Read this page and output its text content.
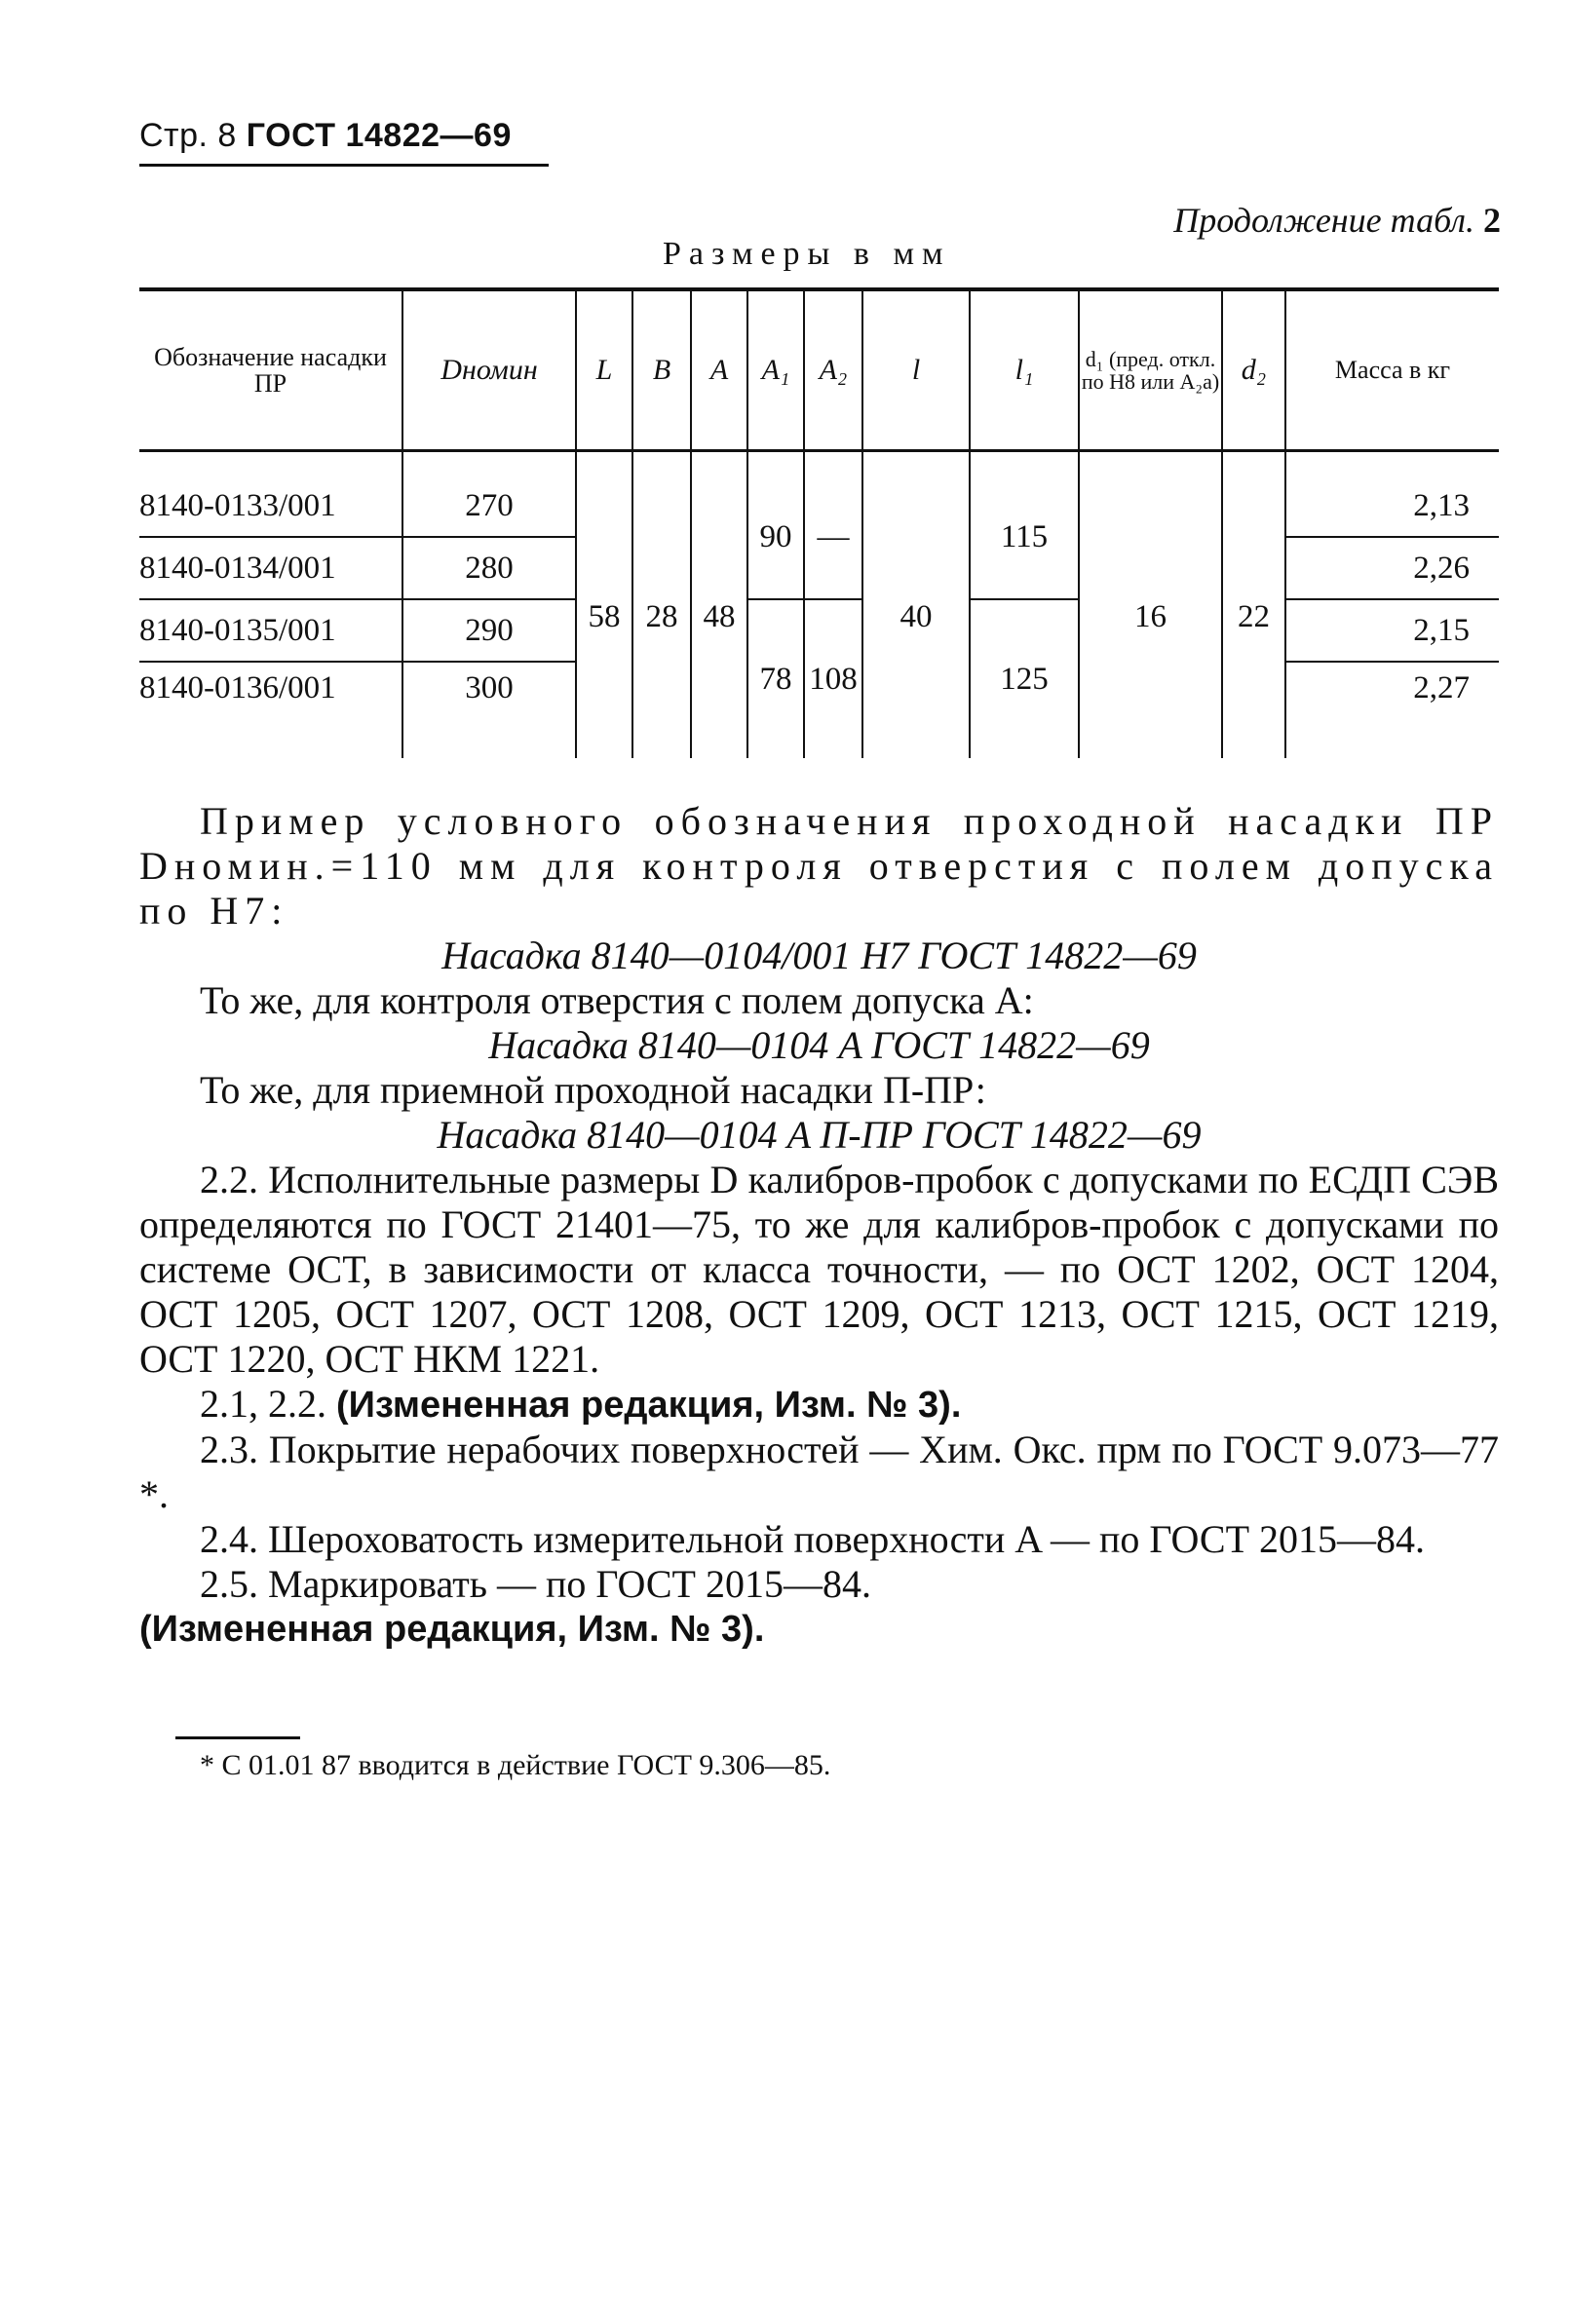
Стр. 8 ГОСТ 14822—69
Продолжение табл. 2
Размеры в мм
Обозначение насадки ПР	Dномин	L	B	A	A₁	A₂	l	l₁	d₁ (пред. откл. по H8 или A₂a)	d₂	Масса в кг
8140-0133/001	270	58	28	48	90	—	40	115	16	22	2,13
8140-0134/001	280										2,26
8140-0135/001	290				78	108		125			2,15
8140-0136/001	300										2,27

Пример условного обозначения проходной насадки ПР Dномин.=110 мм для контроля отверстия с полем допуска по H7:

Насадка 8140—0104/001 H7 ГОСТ 14822—69

То же, для контроля отверстия с полем допуска A:

Насадка 8140—0104 A ГОСТ 14822—69

То же, для приемной проходной насадки П-ПР:

Насадка 8140—0104 A П-ПР ГОСТ 14822—69

2.2. Исполнительные размеры D калибров-пробок с допусками по ЕСДП СЭВ определяются по ГОСТ 21401—75, то же для калибров-пробок с допусками по системе ОСТ, в зависимости от класса точности, — по ОСТ 1202, ОСТ 1204, ОСТ 1205, ОСТ 1207, ОСТ 1208, ОСТ 1209, ОСТ 1213, ОСТ 1215, ОСТ 1219, ОСТ 1220, ОСТ НКМ 1221.

2.1, 2.2. (Измененная редакция, Изм. № 3).

2.3. Покрытие нерабочих поверхностей — Хим. Окс. прм по ГОСТ 9.073—77 *.

2.4. Шероховатость измерительной поверхности A — по ГОСТ 2015—84.

2.5. Маркировать — по ГОСТ 2015—84.

(Измененная редакция, Изм. № 3).

* С 01.01 87 вводится в действие ГОСТ 9.306—85.
